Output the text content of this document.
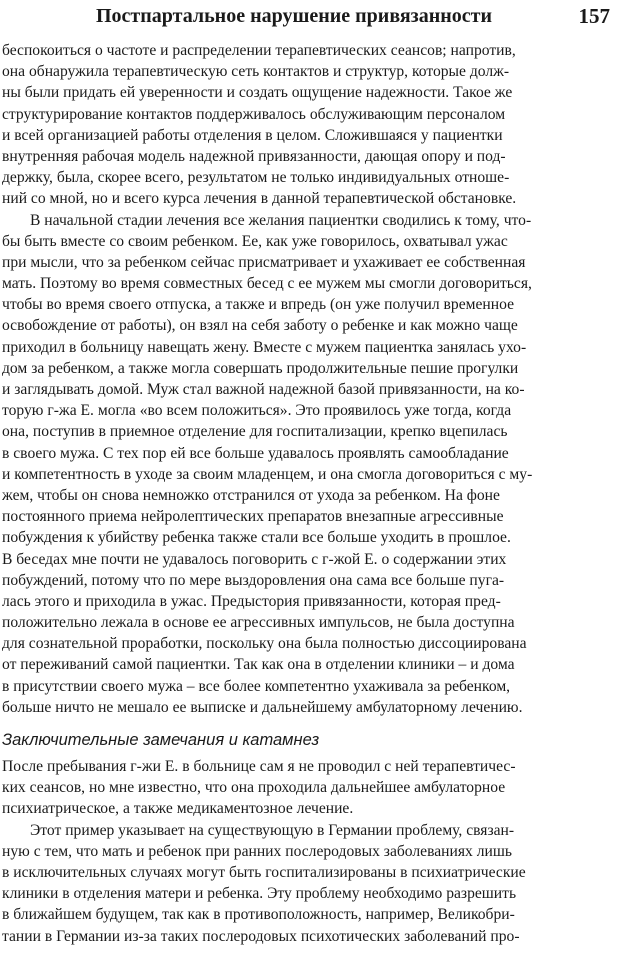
Постпартальное нарушение привязанности	157
беспокоиться о частоте и распределении терапевтических сеансов; напротив,
она обнаружила терапевтическую сеть контактов и структур, которые долж-
ны были придать ей уверенности и создать ощущение надежности. Такое же
структурирование контактов поддерживалось обслуживающим персоналом
и всей организацией работы отделения в целом. Сложившаяся у пациентки
внутренняя рабочая модель надежной привязанности, дающая опору и под-
держку, была, скорее всего, результатом не только индивидуальных отноше-
ний со мной, но и всего курса лечения в данной терапевтической обстановке.
В начальной стадии лечения все желания пациентки сводились к тому, что-
бы быть вместе со своим ребенком. Ее, как уже говорилось, охватывал ужас
при мысли, что за ребенком сейчас присматривает и ухаживает ее собственная
мать. Поэтому во время совместных бесед с ее мужем мы смогли договориться,
чтобы во время своего отпуска, а также и впредь (он уже получил временное
освобождение от работы), он взял на себя заботу о ребенке и как можно чаще
приходил в больницу навещать жену. Вместе с мужем пациентка занялась ухо-
дом за ребенком, а также могла совершать продолжительные пешие прогулки
и заглядывать домой. Муж стал важной надежной базой привязанности, на ко-
торую г-жа Е. могла «во всем положиться». Это проявилось уже тогда, когда
она, поступив в приемное отделение для госпитализации, крепко вцепилась
в своего мужа. С тех пор ей все больше удавалось проявлять самообладание
и компетентность в уходе за своим младенцем, и она смогла договориться с му-
жем, чтобы он снова немножко отстранился от ухода за ребенком. На фоне
постоянного приема нейролептических препаратов внезапные агрессивные
побуждения к убийству ребенка также стали все больше уходить в прошлое.
В беседах мне почти не удавалось поговорить с г-жой Е. о содержании этих
побуждений, потому что по мере выздоровления она сама все больше пуга-
лась этого и приходила в ужас. Предыстория привязанности, которая пред-
положительно лежала в основе ее агрессивных импульсов, не была доступна
для сознательной проработки, поскольку она была полностью диссоциирована
от переживаний самой пациентки. Так как она в отделении клиники – и дома
в присутствии своего мужа – все более компетентно ухаживала за ребенком,
больше ничто не мешало ее выписке и дальнейшему амбулаторному лечению.
Заключительные замечания и катамнез
После пребывания г-жи Е. в больнице сам я не проводил с ней терапевтичес-
ких сеансов, но мне известно, что она проходила дальнейшее амбулаторное
психиатрическое, а также медикаментозное лечение.
Этот пример указывает на существующую в Германии проблему, связан-
ную с тем, что мать и ребенок при ранних послеродовых заболеваниях лишь
в исключительных случаях могут быть госпитализированы в психиатрические
клиники в отделения матери и ребенка. Эту проблему необходимо разрешить
в ближайшем будущем, так как в противоположность, например, Великобри-
тании в Германии из-за таких послеродовых психотических заболеваний про-
